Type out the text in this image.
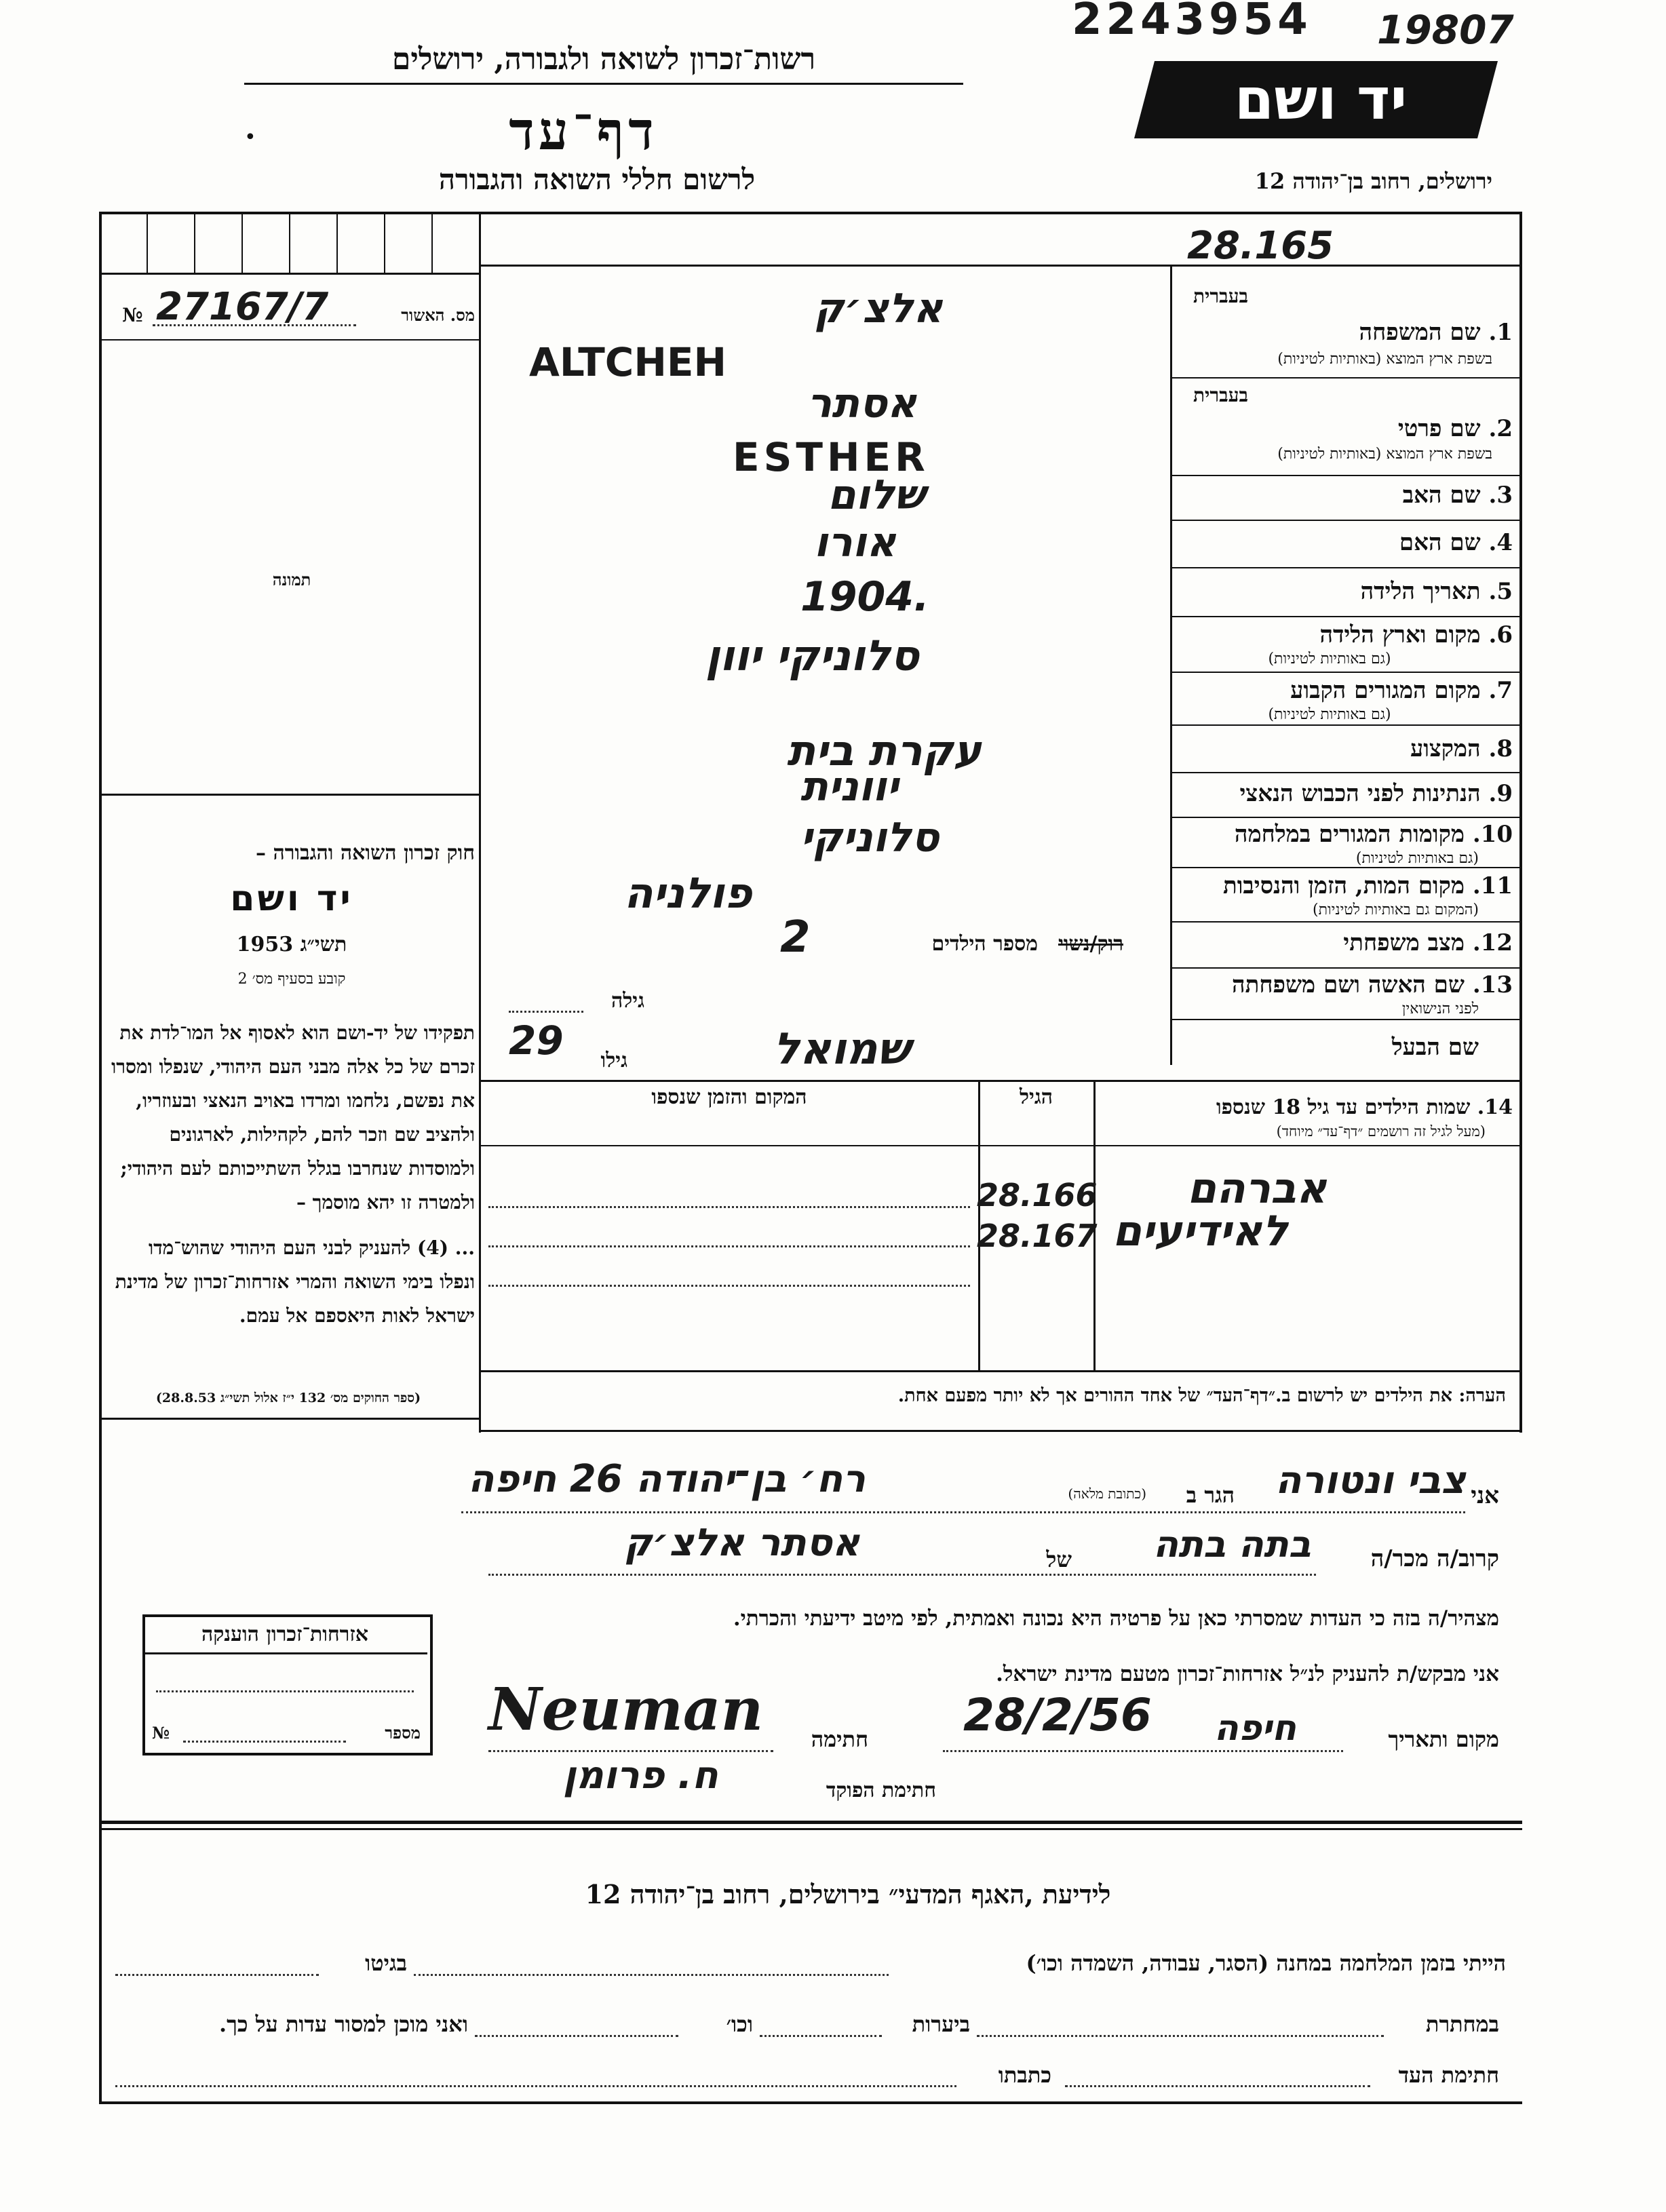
2243954 19807
רשות־זכרון לשואה ולגבורה, ירושלים
דף־עד
•
לרשום חללי השואה והגבורה
יד ושם
ירושלים, רחוב בן־יהודה 12
№ 27167/7	מס. האשור
28.165
תמונה
חוק זכרון השואה והגבורה –
יד ושם
תשי״ג 1953
קובע בסעיף מס׳ 2
תפקידו של יד-ושם הוא לאסוף אל המו־לדת את זכרם של כל אלה מבני העם היהודי, שנפלו ומסרו את נפשם, נלחמו ומרדו באויב הנאצי ובעוזריו, ולהציב שם וזכר להם, לקהילות, לארגונים ולמוסדות שנחרבו בגלל השתייכותם לעם היהודי; ולמטרה זו יהא מוסמך –
... (4) להעניק לבני העם היהודי שהוש־מדו ונפלו בימי השואה והמרי אזרחות־זכרון של מדינת ישראל לאות היאספם אל עמם.
(ספר החוקים מס׳ 132 י״ז אלול תשי״ג 28.8.53)
בעברית
1. שם המשפחה
בשפת ארץ המוצא (באותיות לטיניות)
אלצ׳ק
ALTCHEH
בעברית
2. שם פרטי
בשפת ארץ המוצא (באותיות לטיניות)
אסתר
ESTHER
3. שם האב
שלום
4. שם האם
אורו
5. תאריך הלידה
1904.
6. מקום וארץ הלידה
(גם באותיות לטיניות)
סלוניקי יוון
7. מקום המגורים הקבוע
(גם באותיות לטיניות)
8. המקצוע
עקרת בית
9. הנתינות לפני הכבוש הנאצי
יוונית
10. מקומות המגורים במלחמה
(גם באותיות לטיניות)
סלוניקי
11. מקום המות, הזמן והנסיבות
(המקום גם באותיות לטיניות)
פולניה
12. מצב משפחתי
רוק/נשוי
מספר הילדים
2
13. שם האשה ושם משפחתה
לפני הנישואין
גילה
שם הבעל
גילו
29	שמואל
14. שמות הילדים עד גיל 18 שנספו
(מעל לגיל זה רושמים ״דף־עד״ מיוחד)
הגיל
המקום והזמן שנספו
28.166 אברהם
28.167 לאידיעים
הערה: את הילדים יש לרשום ב.״דף־העד״ של אחד ההורים אך לא יותר מפעם אחת.
אני
צבי ונטורה
הגר ב
(כתובת מלאה)
רח׳ בן־יהודה 26 חיפה
קרוב/ה מכר/ה
בתה בתה
של
אסתר אלצ׳ק
מצהיר/ה בזה כי העדות שמסרתי כאן על פרטיה היא נכונה ואמתית, לפי מיטב ידיעתי והכרתי.
אני מבקש/ת להעניק לנ״ל אזרחות־זכרון מטעם מדינת ישראל.
מקום ותאריך
חיפה
28/2/56
חתימה
Neuman
חתימת הפוקד
ח. פרומן
אזרחות־זכרון הוענקה
№	מספר
לידיעת ,האגף המדעי״ בירושלים, רחוב בן־יהודה 12
הייתי בזמן המלחמה במחנה (הסגר, עבודה, השמדה וכו׳)
בגיטו
במחתרת
ביערות
וכו׳
ואני מוכן למסור עדות על כך.
חתימת העד
כתבתו
